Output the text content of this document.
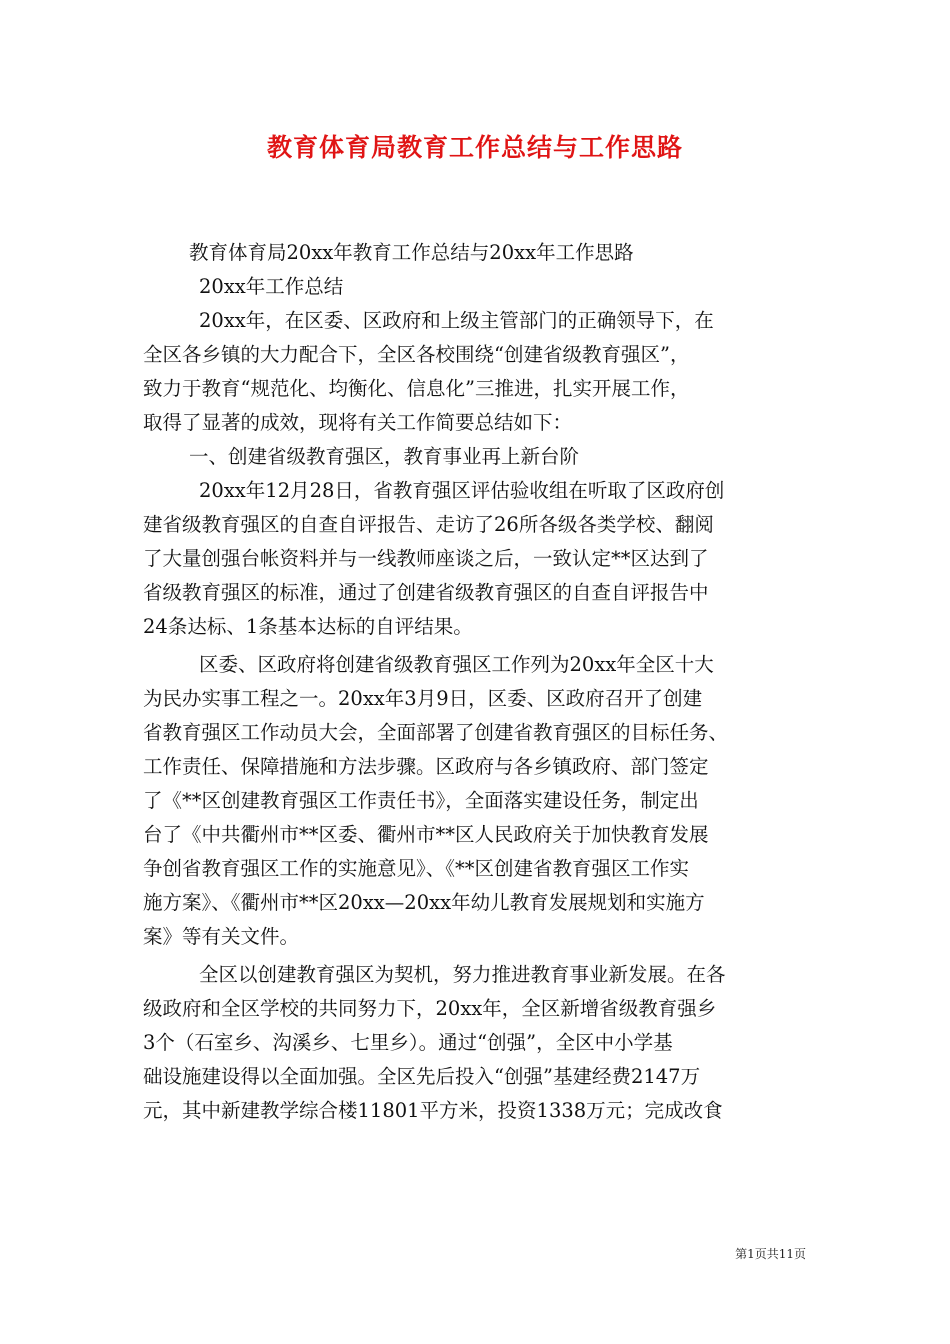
教育体育局教育工作总结与工作思路
教育体育局20xx年教育工作总结与20xx年工作思路
20xx年工作总结
20xx年，在区委、区政府和上级主管部门的正确领导下，在
全区各乡镇的大力配合下，全区各校围绕“创建省级教育强区”，
致力于教育“规范化、均衡化、信息化”三推进，扎实开展工作，
取得了显著的成效，现将有关工作简要总结如下：
一、创建省级教育强区，教育事业再上新台阶
20xx年12月28日，省教育强区评估验收组在听取了区政府创
建省级教育强区的自查自评报告、走访了26所各级各类学校、翻阅
了大量创强台帐资料并与一线教师座谈之后，一致认定**区达到了
省级教育强区的标准，通过了创建省级教育强区的自查自评报告中
24条达标、1条基本达标的自评结果。
区委、区政府将创建省级教育强区工作列为20xx年全区十大
为民办实事工程之一。20xx年3月9日，区委、区政府召开了创建
省教育强区工作动员大会，全面部署了创建省教育强区的目标任务、
工作责任、保障措施和方法步骤。区政府与各乡镇政府、部门签定
了《**区创建教育强区工作责任书》，全面落实建设任务，制定出
台了《中共衢州市**区委、衢州市**区人民政府关于加快教育发展
争创省教育强区工作的实施意见》、《**区创建省教育强区工作实
施方案》、《衢州市**区20xx—20xx年幼儿教育发展规划和实施方
案》等有关文件。
全区以创建教育强区为契机，努力推进教育事业新发展。在各
级政府和全区学校的共同努力下，20xx年，全区新增省级教育强乡
3个（石室乡、沟溪乡、七里乡）。通过“创强”，全区中小学基
础设施建设得以全面加强。全区先后投入“创强”基建经费2147万
元，其中新建教学综合楼11801平方米，投资1338万元；完成改食
第1页共11页
